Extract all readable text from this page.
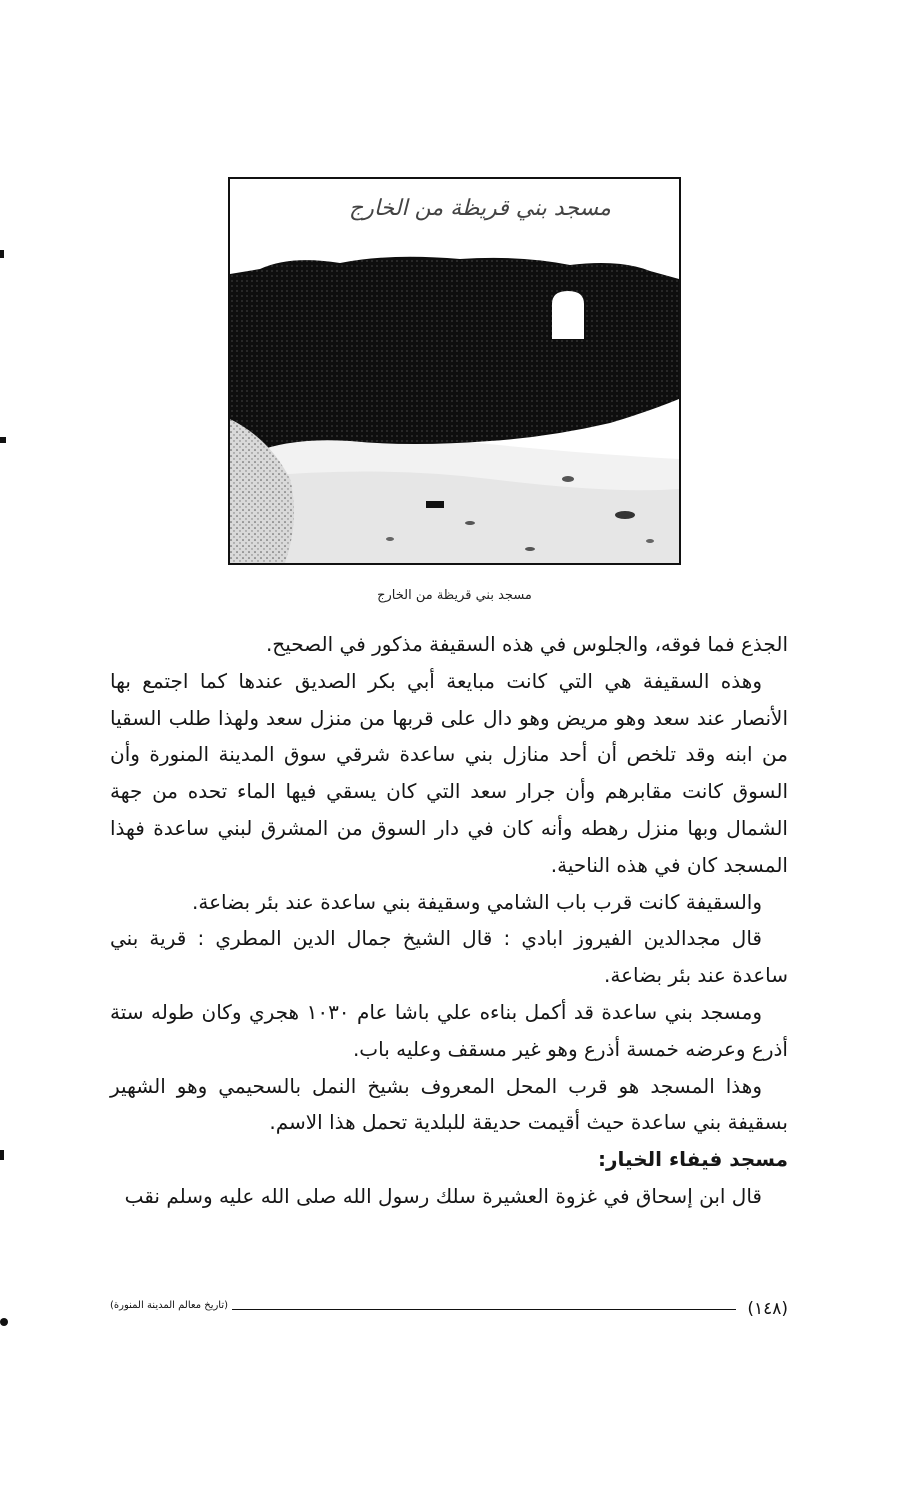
مسجد بني قريظة من الخارج
مسجد بني قريظة من الخارج

الجذع فما فوقه، والجلوس في هذه السقيفة مذكور في الصحيح.

وهذه السقيفة هي التي كانت مبايعة أبي بكر الصديق عندها كما اجتمع بها الأنصار عند سعد وهو مريض وهو دال على قربها من منزل سعد ولهذا طلب السقيا من ابنه وقد تلخص أن أحد منازل بني ساعدة شرقي سوق المدينة المنورة وأن السوق كانت مقابرهم وأن جرار سعد التي كان يسقي فيها الماء تحده من جهة الشمال وبها منزل رهطه وأنه كان في دار السوق من المشرق لبني ساعدة فهذا المسجد كان في هذه الناحية.

والسقيفة كانت قرب باب الشامي وسقيفة بني ساعدة عند بئر بضاعة.

قال مجدالدين الفيروز ابادي : قال الشيخ جمال الدين المطري : قرية بني ساعدة عند بئر بضاعة.

ومسجد بني ساعدة قد أكمل بناءه علي باشا عام ١٠٣٠ هجري وكان طوله ستة أذرع وعرضه خمسة أذرع وهو غير مسقف وعليه باب.

وهذا المسجد هو قرب المحل المعروف بشيخ النمل بالسحيمي وهو الشهير بسقيفة بني ساعدة حيث أقيمت حديقة للبلدية تحمل هذا الاسم.

مسجد فيفاء الخيار:

قال ابن إسحاق في غزوة العشيرة سلك رسول الله صلى الله عليه وسلم نقب

(١٤٨)
(تاريخ معالم المدينة المنورة)
